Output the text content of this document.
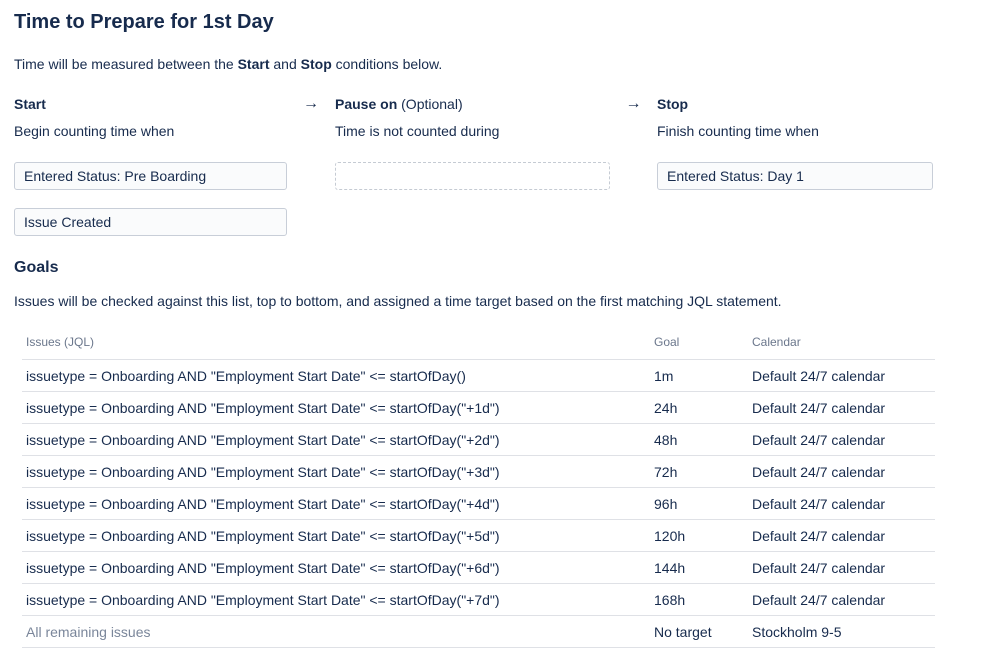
Time to Prepare for 1st Day

Time will be measured between the Start and Stop conditions below.

Start
Begin counting time when
Entered Status: Pre Boarding
Issue Created
→	Pause on (Optional)
Time is not counted during
→	Stop
Finish counting time when
Entered Status: Day 1
Goals

Issues will be checked against this list, top to bottom, and assigned a time target based on the first matching JQL statement.

Issues (JQL)	Goal	Calendar
issuetype = Onboarding AND "Employment Start Date" <= startOfDay()	1m	Default 24/7 calendar
issuetype = Onboarding AND "Employment Start Date" <= startOfDay("+1d")	24h	Default 24/7 calendar
issuetype = Onboarding AND "Employment Start Date" <= startOfDay("+2d")	48h	Default 24/7 calendar
issuetype = Onboarding AND "Employment Start Date" <= startOfDay("+3d")	72h	Default 24/7 calendar
issuetype = Onboarding AND "Employment Start Date" <= startOfDay("+4d")	96h	Default 24/7 calendar
issuetype = Onboarding AND "Employment Start Date" <= startOfDay("+5d")	120h	Default 24/7 calendar
issuetype = Onboarding AND "Employment Start Date" <= startOfDay("+6d")	144h	Default 24/7 calendar
issuetype = Onboarding AND "Employment Start Date" <= startOfDay("+7d")	168h	Default 24/7 calendar
All remaining issues	No target	Stockholm 9-5
